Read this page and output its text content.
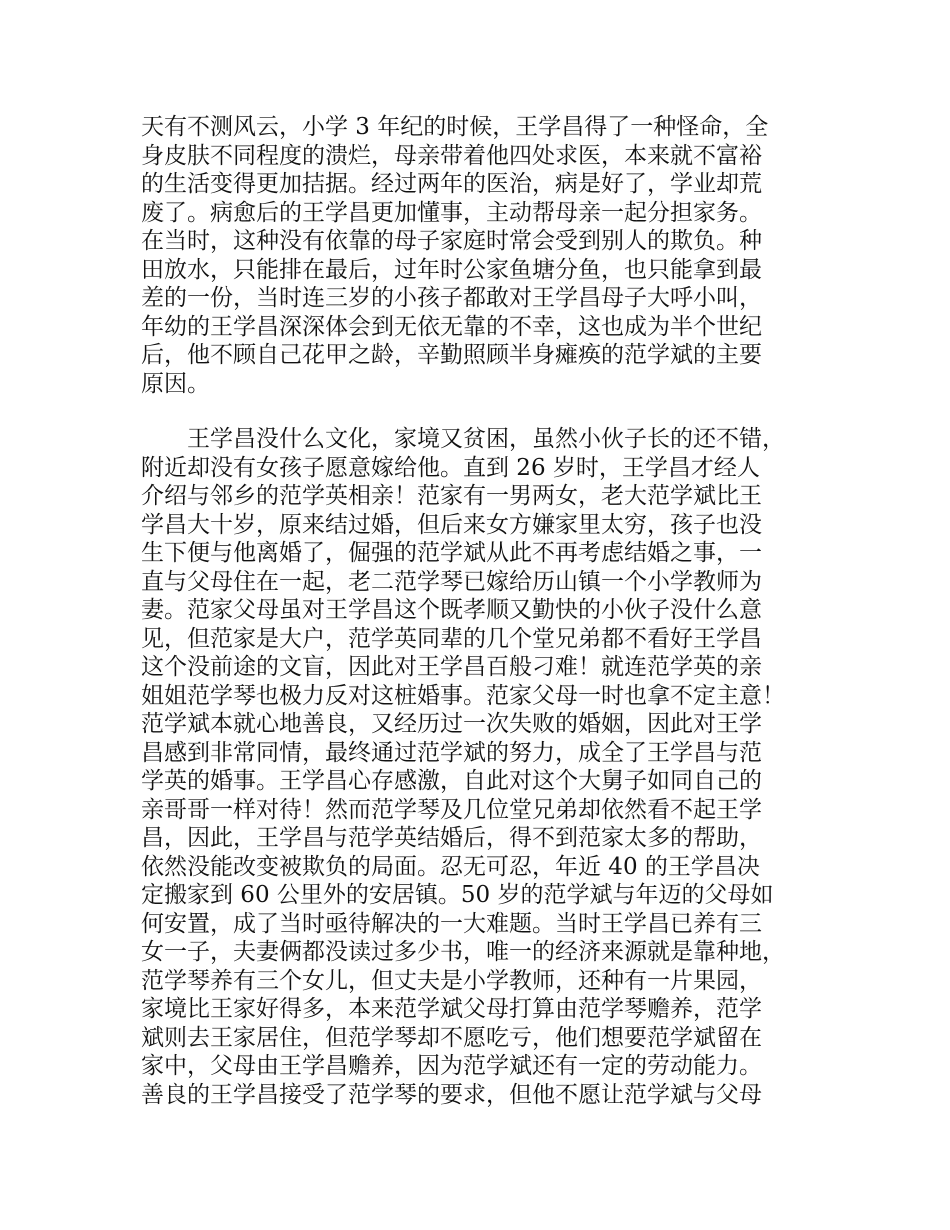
天有不测风云，小学 3 年纪的时候，王学昌得了一种怪命，全
身皮肤不同程度的溃烂，母亲带着他四处求医，本来就不富裕
的生活变得更加拮据。经过两年的医治，病是好了，学业却荒
废了。病愈后的王学昌更加懂事，主动帮母亲一起分担家务。
在当时，这种没有依靠的母子家庭时常会受到别人的欺负。种
田放水，只能排在最后，过年时公家鱼塘分鱼，也只能拿到最
差的一份，当时连三岁的小孩子都敢对王学昌母子大呼小叫，
年幼的王学昌深深体会到无依无靠的不幸，这也成为半个世纪
后，他不顾自己花甲之龄，辛勤照顾半身瘫痪的范学斌的主要
原因。
　　王学昌没什么文化，家境又贫困，虽然小伙子长的还不错，
附近却没有女孩子愿意嫁给他。直到 26 岁时，王学昌才经人
介绍与邻乡的范学英相亲！范家有一男两女，老大范学斌比王
学昌大十岁，原来结过婚，但后来女方嫌家里太穷，孩子也没
生下便与他离婚了，倔强的范学斌从此不再考虑结婚之事，一
直与父母住在一起，老二范学琴已嫁给历山镇一个小学教师为
妻。范家父母虽对王学昌这个既孝顺又勤快的小伙子没什么意
见，但范家是大户，范学英同辈的几个堂兄弟都不看好王学昌
这个没前途的文盲，因此对王学昌百般刁难！就连范学英的亲
姐姐范学琴也极力反对这桩婚事。范家父母一时也拿不定主意！
范学斌本就心地善良，又经历过一次失败的婚姻，因此对王学
昌感到非常同情，最终通过范学斌的努力，成全了王学昌与范
学英的婚事。王学昌心存感激，自此对这个大舅子如同自己的
亲哥哥一样对待！然而范学琴及几位堂兄弟却依然看不起王学
昌，因此，王学昌与范学英结婚后，得不到范家太多的帮助，
依然没能改变被欺负的局面。忍无可忍，年近 40 的王学昌决
定搬家到 60 公里外的安居镇。50 岁的范学斌与年迈的父母如
何安置，成了当时亟待解决的一大难题。当时王学昌已养有三
女一子，夫妻俩都没读过多少书，唯一的经济来源就是靠种地，
范学琴养有三个女儿，但丈夫是小学教师，还种有一片果园，
家境比王家好得多，本来范学斌父母打算由范学琴赡养，范学
斌则去王家居住，但范学琴却不愿吃亏，他们想要范学斌留在
家中，父母由王学昌赡养，因为范学斌还有一定的劳动能力。
善良的王学昌接受了范学琴的要求，但他不愿让范学斌与父母
